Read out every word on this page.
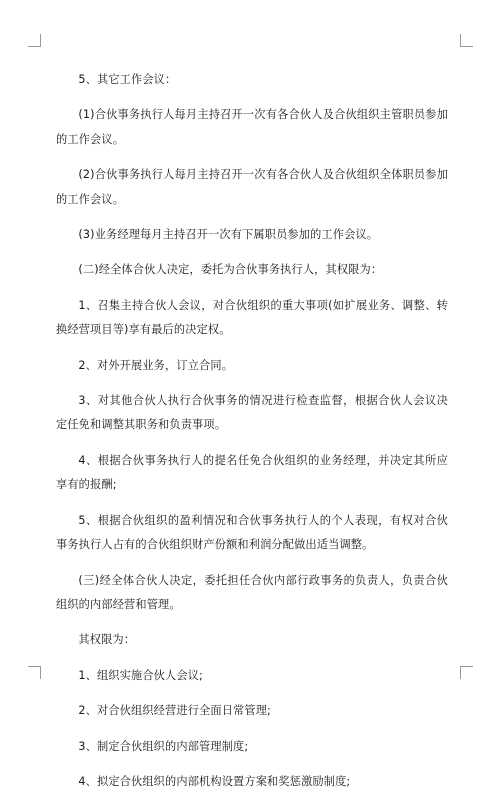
5、其它工作会议：

(1)合伙事务执行人每月主持召开一次有各合伙人及合伙组织主管职员参加的工作会议。

(2)合伙事务执行人每月主持召开一次有各合伙人及合伙组织全体职员参加的工作会议。

(3)业务经理每月主持召开一次有下属职员参加的工作会议。

(二)经全体合伙人决定，委托为合伙事务执行人，其权限为：

1、召集主持合伙人会议，对合伙组织的重大事项(如扩展业务、调整、转换经营项目等)享有最后的决定权。

2、对外开展业务，订立合同。

3、对其他合伙人执行合伙事务的情况进行检查监督，根据合伙人会议决定任免和调整其职务和负责事项。

4、根据合伙事务执行人的提名任免合伙组织的业务经理，并决定其所应享有的报酬;

5、根据合伙组织的盈利情况和合伙事务执行人的个人表现，有权对合伙事务执行人占有的合伙组织财产份额和利润分配做出适当调整。

(三)经全体合伙人决定，委托担任合伙内部行政事务的负责人，负责合伙组织的内部经营和管理。

其权限为：

1、组织实施合伙人会议;

2、对合伙组织经营进行全面日常管理;

3、制定合伙组织的内部管理制度;

4、拟定合伙组织的内部机构设置方案和奖惩激励制度;
